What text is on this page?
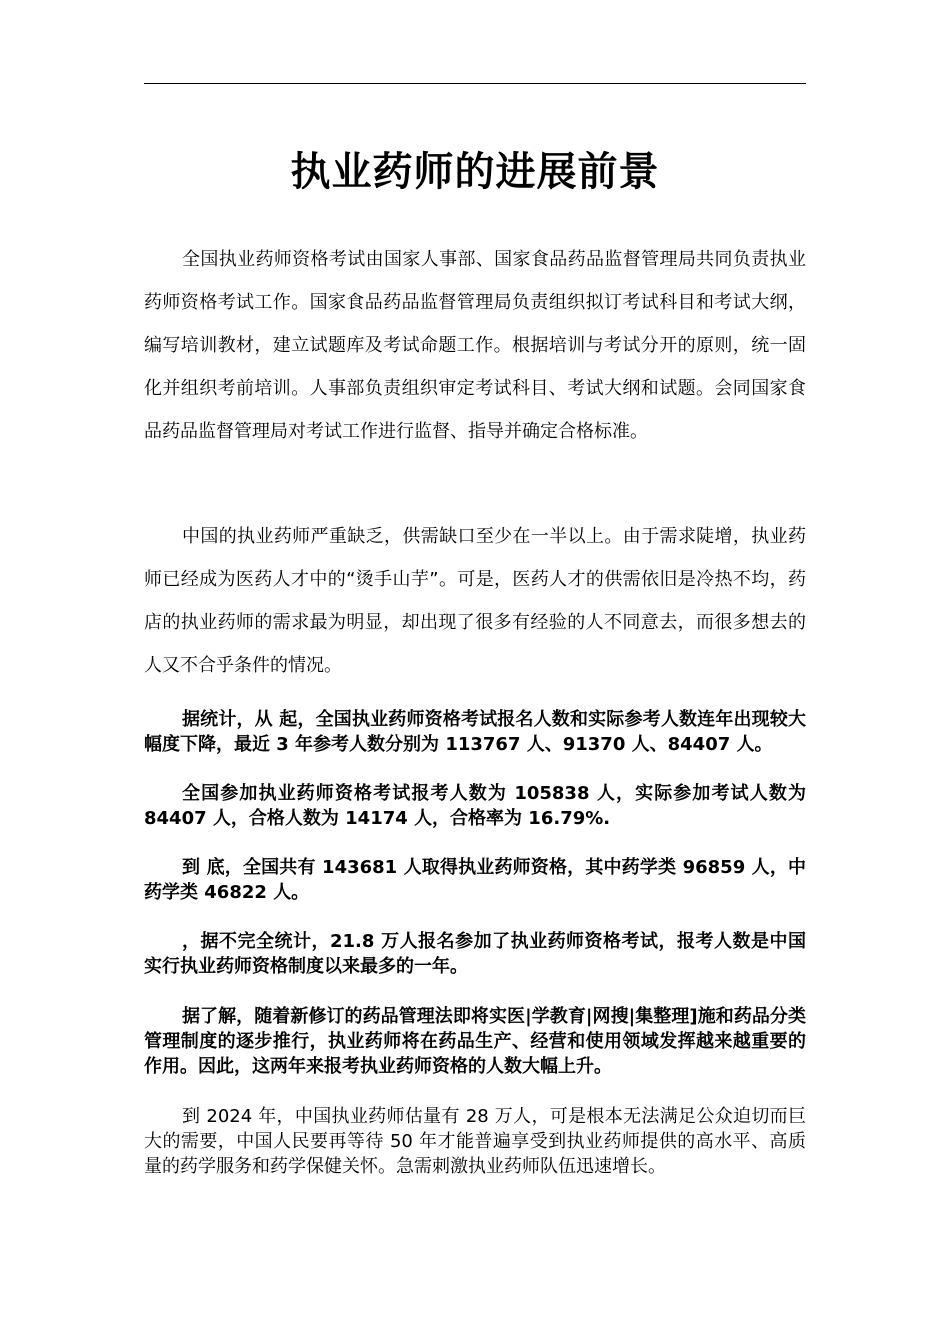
执业药师的进展前景

全国执业药师资格考试由国家人事部、国家食品药品监督管理局共同负责执业药师资格考试工作。国家食品药品监督管理局负责组织拟订考试科目和考试大纲，编写培训教材，建立试题库及考试命题工作。根据培训与考试分开的原则，统一固化并组织考前培训。人事部负责组织审定考试科目、考试大纲和试题。会同国家食品药品监督管理局对考试工作进行监督、指导并确定合格标准。

中国的执业药师严重缺乏，供需缺口至少在一半以上。由于需求陡增，执业药师已经成为医药人才中的“烫手山芋”。可是，医药人才的供需依旧是冷热不均，药店的执业药师的需求最为明显，却出现了很多有经验的人不同意去，而很多想去的人又不合乎条件的情况。

据统计，从 起，全国执业药师资格考试报名人数和实际参考人数连年出现较大幅度下降，最近 3 年参考人数分别为 113767 人、91370 人、84407 人。

全国参加执业药师资格考试报考人数为 105838 人，实际参加考试人数为 84407 人，合格人数为 14174 人，合格率为 16.79%.

到 底，全国共有 143681 人取得执业药师资格，其中药学类 96859 人，中药学类 46822 人。

，据不完全统计，21.8 万人报名参加了执业药师资格考试，报考人数是中国实行执业药师资格制度以来最多的一年。

据了解，随着新修订的药品管理法即将实医|学教育|网搜|集整理]施和药品分类管理制度的逐步推行，执业药师将在药品生产、经营和使用领域发挥越来越重要的作用。因此，这两年来报考执业药师资格的人数大幅上升。

到 2024 年，中国执业药师估量有 28 万人，可是根本无法满足公众迫切而巨大的需要，中国人民要再等待 50 年才能普遍享受到执业药师提供的高水平、高质量的药学服务和药学保健关怀。急需刺激执业药师队伍迅速增长。
